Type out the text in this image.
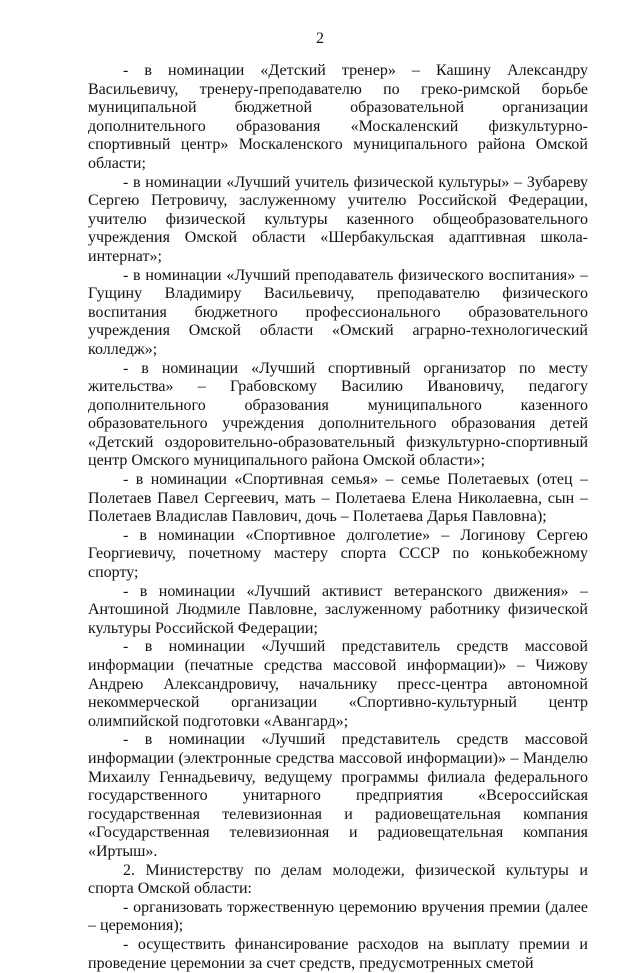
2

- в номинации «Детский тренер» – Кашину Александру Васильевичу, тренеру-преподавателю по греко-римской борьбе муниципальной бюджетной образовательной организации дополнительного образования «Москаленский физкультурно-спортивный центр» Москаленского муниципального района Омской области;

- в номинации «Лучший учитель физической культуры» – Зубареву Сергею Петровичу, заслуженному учителю Российской Федерации, учителю физической культуры казенного общеобразовательного учреждения Омской области «Шербакульская адаптивная школа-интернат»;

- в номинации «Лучший преподаватель физического воспитания» – Гущину Владимиру Васильевичу, преподавателю физического воспитания бюджетного профессионального образовательного учреждения Омской области «Омский аграрно-технологический колледж»;

- в номинации «Лучший спортивный организатор по месту жительства» – Грабовскому Василию Ивановичу, педагогу дополнительного образования муниципального казенного образовательного учреждения дополнительного образования детей «Детский оздоровительно-образовательный физкультурно-спортивный центр Омского муниципального района Омской области»;

- в номинации «Спортивная семья» – семье Полетаевых (отец – Полетаев Павел Сергеевич, мать – Полетаева Елена Николаевна, сын – Полетаев Владислав Павлович, дочь – Полетаева Дарья Павловна);

- в номинации «Спортивное долголетие» – Логинову Сергею Георгиевичу, почетному мастеру спорта СССР по конькобежному спорту;

- в номинации «Лучший активист ветеранского движения» – Антошиной Людмиле Павловне, заслуженному работнику физической культуры Российской Федерации;

- в номинации «Лучший представитель средств массовой информации (печатные средства массовой информации)» – Чижову Андрею Александровичу, начальнику пресс-центра автономной некоммерческой организации «Спортивно-культурный центр олимпийской подготовки «Авангард»;

- в номинации «Лучший представитель средств массовой информации (электронные средства массовой информации)» – Манделю Михаилу Геннадьевичу, ведущему программы филиала федерального государственного унитарного предприятия «Всероссийская государственная телевизионная и радиовещательная компания «Государственная телевизионная и радиовещательная компания «Иртыш».

2. Министерству по делам молодежи, физической культуры и спорта Омской области:

- организовать торжественную церемонию вручения премии (далее – церемония);

- осуществить финансирование расходов на выплату премии и проведение церемонии за счет средств, предусмотренных сметой
